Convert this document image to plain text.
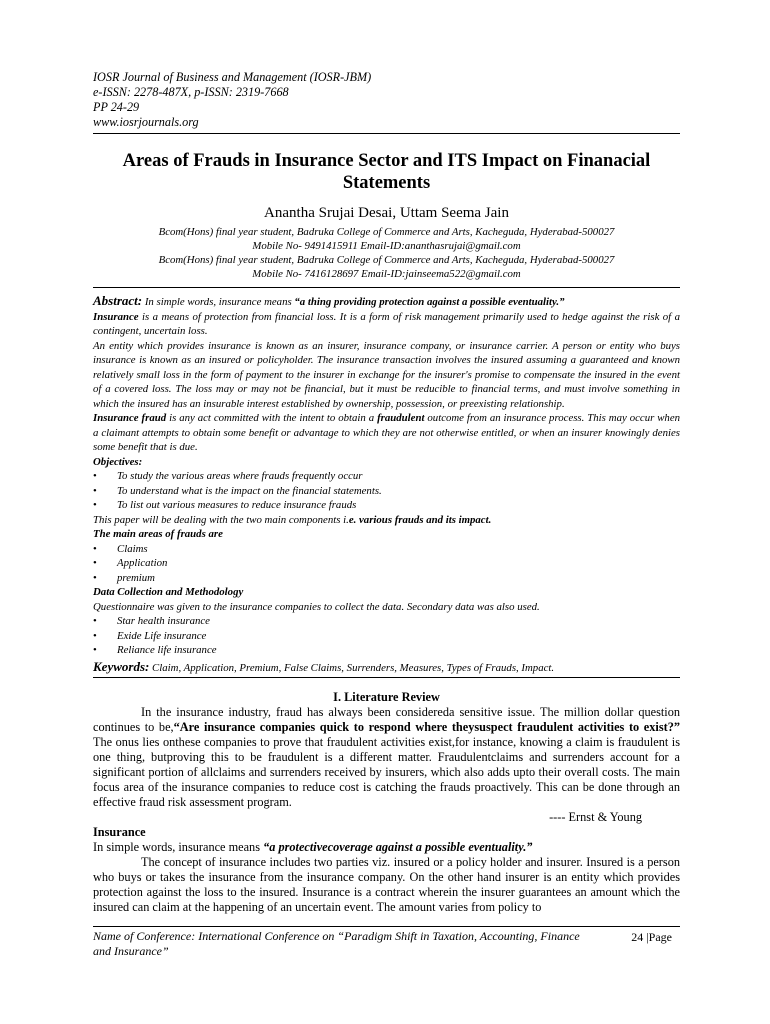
IOSR Journal of Business and Management (IOSR-JBM)
e-ISSN: 2278-487X, p-ISSN: 2319-7668
PP 24-29
www.iosrjournals.org
Areas of Frauds in Insurance Sector and ITS Impact on Finanacial Statements
Anantha Srujai Desai, Uttam Seema Jain
Bcom(Hons) final year student, Badruka College of Commerce and Arts, Kacheguda, Hyderabad-500027
Mobile No- 9491415911 Email-ID:ananthasrujai@gmail.com
Bcom(Hons) final year student, Badruka College of Commerce and Arts, Kacheguda, Hyderabad-500027
Mobile No- 7416128697 Email-ID:jainseema522@gmail.com

Abstract: In simple words, insurance means “a thing providing protection against a possible eventuality.”

Insurance is a means of protection from financial loss. It is a form of risk management primarily used to hedge against the risk of a contingent, uncertain loss.

An entity which provides insurance is known as an insurer, insurance company, or insurance carrier. A person or entity who buys insurance is known as an insured or policyholder. The insurance transaction involves the insured assuming a guaranteed and known relatively small loss in the form of payment to the insurer in exchange for the insurer's promise to compensate the insured in the event of a covered loss. The loss may or may not be financial, but it must be reducible to financial terms, and must involve something in which the insured has an insurable interest established by ownership, possession, or preexisting relationship.

Insurance fraud is any act committed with the intent to obtain a fraudulent outcome from an insurance process. This may occur when a claimant attempts to obtain some benefit or advantage to which they are not otherwise entitled, or when an insurer knowingly denies some benefit that is due.

Objectives:

• To study the various areas where frauds frequently occur
• To understand what is the impact on the financial statements.
• To list out various measures to reduce insurance frauds

This paper will be dealing with the two main components i.e. various frauds and its impact.

The main areas of frauds are

• Claims
• Application
• premium

Data Collection and Methodology

Questionnaire was given to the insurance companies to collect the data. Secondary data was also used.

• Star health insurance
• Exide Life insurance
• Reliance life insurance
Keywords: Claim, Application, Premium, False Claims, Surrenders, Measures, Types of Frauds, Impact.
I. Literature Review

In the insurance industry, fraud has always been considereda sensitive issue. The million dollar question continues to be,“Are insurance companies quick to respond where theysuspect fraudulent activities to exist?” The onus lies onthese companies to prove that fraudulent activities exist,for instance, knowing a claim is fraudulent is one thing, butproving this to be fraudulent is a different matter. Fraudulentclaims and surrenders account for a significant portion of allclaims and surrenders received by insurers, which also adds upto their overall costs. The main focus area of the insurance companies to reduce cost is catching the frauds proactively. This can be done through an effective fraud risk assessment program.

---- Ernst & Young

Insurance

In simple words, insurance means “a protectivecoverage against a possible eventuality.”

The concept of insurance includes two parties viz. insured or a policy holder and insurer. Insured is a person who buys or takes the insurance from the insurance company. On the other hand insurer is an entity which provides protection against the loss to the insured. Insurance is a contract wherein the insurer guarantees an amount which the insured can claim at the happening of an uncertain event. The amount varies from policy to

Name of Conference: International Conference on “Paradigm Shift in Taxation, Accounting, Finance and Insurance”
24 |Page
